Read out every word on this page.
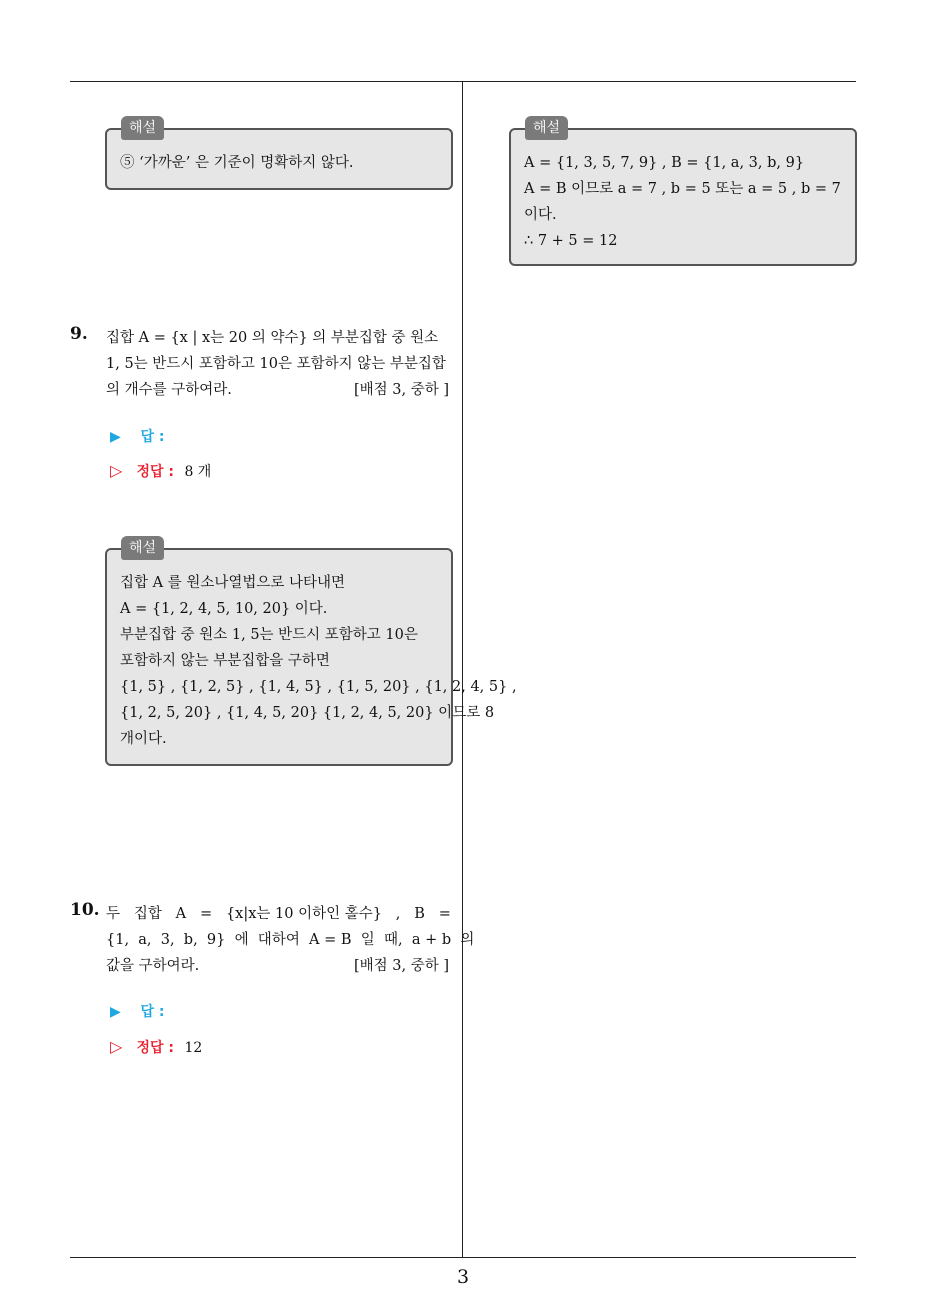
해설

⑤ ‘가까운’ 은 기준이 명확하지 않다.

9. 집합 A = {x | x는 20 의 약수} 의 부분집합 중 원소
1, 5는 반드시 포함하고 10은 포함하지 않는 부분집합
의 개수를 구하여라.	[배점 3, 중하 ]
▶ 답 :
▷ 정답 : 8 개
해설

집합 A 를 원소나열법으로 나타내면

A = {1, 2, 4, 5, 10, 20} 이다.

부분집합 중 원소 1, 5는 반드시 포함하고 10은

포함하지 않는 부분집합을 구하면

{1, 5} , {1, 2, 5} , {1, 4, 5} , {1, 5, 20} , {1, 2, 4, 5} ,

{1, 2, 5, 20} , {1, 4, 5, 20} {1, 2, 4, 5, 20} 이므로 8

개이다.

10. 두   집합   A   =   {x|x는 10 이하인 홀수}   ,   B   =
{1,  a,  3,  b,  9}  에  대하여  A = B  일  때,  a + b  의
값을 구하여라.	[배점 3, 중하 ]
▶ 답 :
▷ 정답 : 12
해설

A = {1, 3, 5, 7, 9} , B = {1, a, 3, b, 9}

A = B 이므로 a = 7 , b = 5 또는 a = 5 , b = 7

이다.

∴ 7 + 5 = 12

3
